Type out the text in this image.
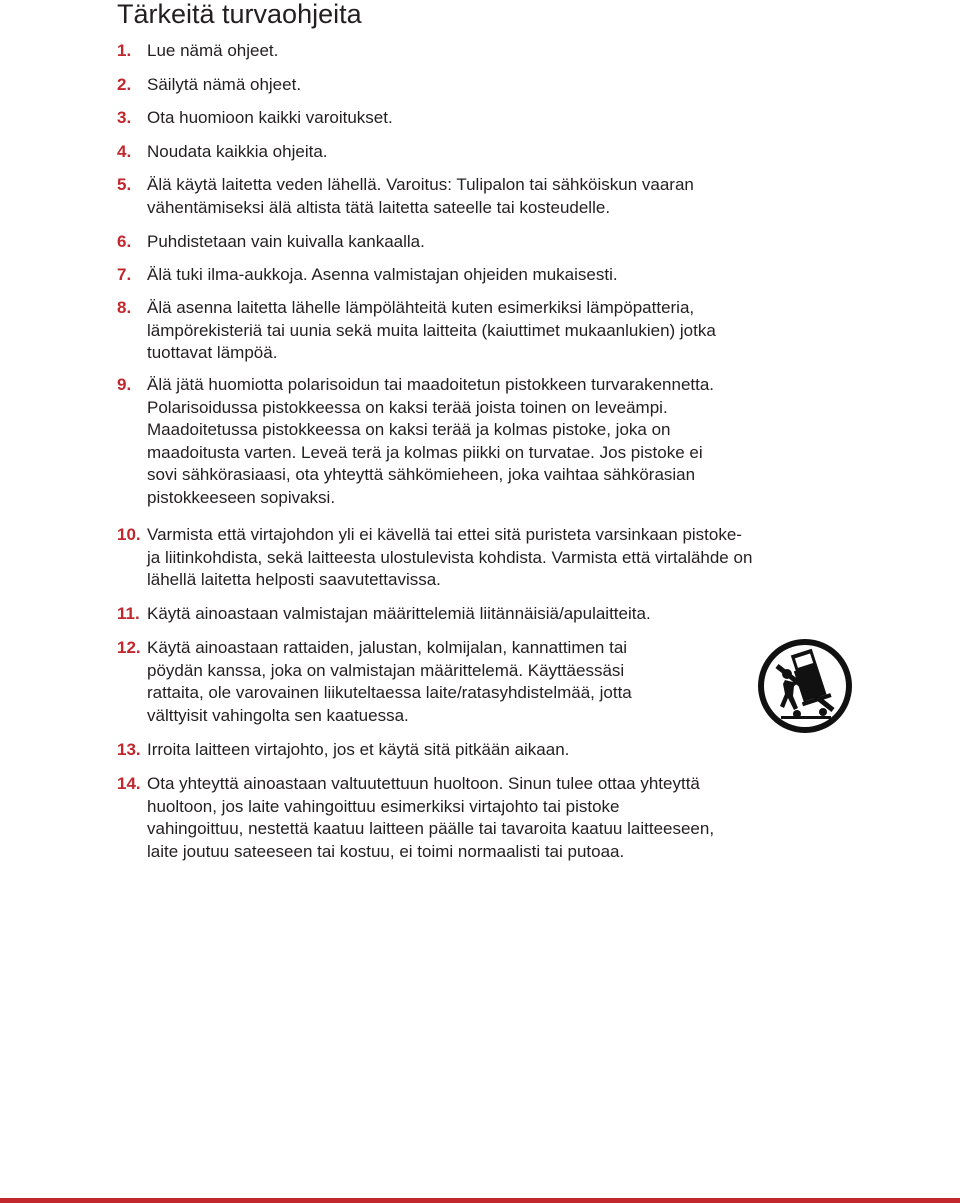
Tärkeitä turvaohjeita
1. Lue nämä ohjeet.
2. Säilytä nämä ohjeet.
3. Ota huomioon kaikki varoitukset.
4. Noudata kaikkia ohjeita.
5. Älä käytä laitetta veden lähellä. Varoitus: Tulipalon tai sähköiskun vaaran
vähentämiseksi älä altista tätä laitetta sateelle tai kosteudelle.
6. Puhdistetaan vain kuivalla kankaalla.
7. Älä tuki ilma-aukkoja. Asenna valmistajan ohjeiden mukaisesti.
8. Älä asenna laitetta lähelle lämpölähteitä kuten esimerkiksi lämpöpatteria,
lämpörekisteriä tai uunia sekä muita laitteita (kaiuttimet mukaanlukien) jotka
tuottavat lämpöä.
9. Älä jätä huomiotta polarisoidun tai maadoitetun pistokkeen turvarakennetta.
Polarisoidussa pistokkeessa on kaksi terää joista toinen on leveämpi.
Maadoitetussa pistokkeessa on kaksi terää ja kolmas pistoke, joka on
maadoitusta varten. Leveä terä ja kolmas piikki on turvatae. Jos pistoke ei
sovi sähkörasiaasi, ota yhteyttä sähkömieheen, joka vaihtaa sähkörasian
pistokkeeseen sopivaksi.
10. Varmista että virtajohdon yli ei kävellä tai ettei sitä puristeta varsinkaan pistoke-
ja liitinkohdista, sekä laitteesta ulostulevista kohdista. Varmista että virtalähde on
lähellä laitetta helposti saavutettavissa.
11. Käytä ainoastaan valmistajan määrittelemiä liitännäisiä/apulaitteita.
12. Käytä ainoastaan rattaiden, jalustan, kolmijalan, kannattimen tai
pöydän kanssa, joka on valmistajan määrittelemä. Käyttäessäsi
rattaita, ole varovainen liikuteltaessa laite/ratasyhdistelmää, jotta
välttyisit vahingolta sen kaatuessa.
13. Irroita laitteen virtajohto, jos et käytä sitä pitkään aikaan.
14. Ota yhteyttä ainoastaan valtuutettuun huoltoon. Sinun tulee ottaa yhteyttä
huoltoon, jos laite vahingoittuu esimerkiksi virtajohto tai pistoke
vahingoittuu, nestettä kaatuu laitteen päälle tai tavaroita kaatuu laitteeseen,
laite joutuu sateeseen tai kostuu, ei toimi normaalisti tai putoaa.
